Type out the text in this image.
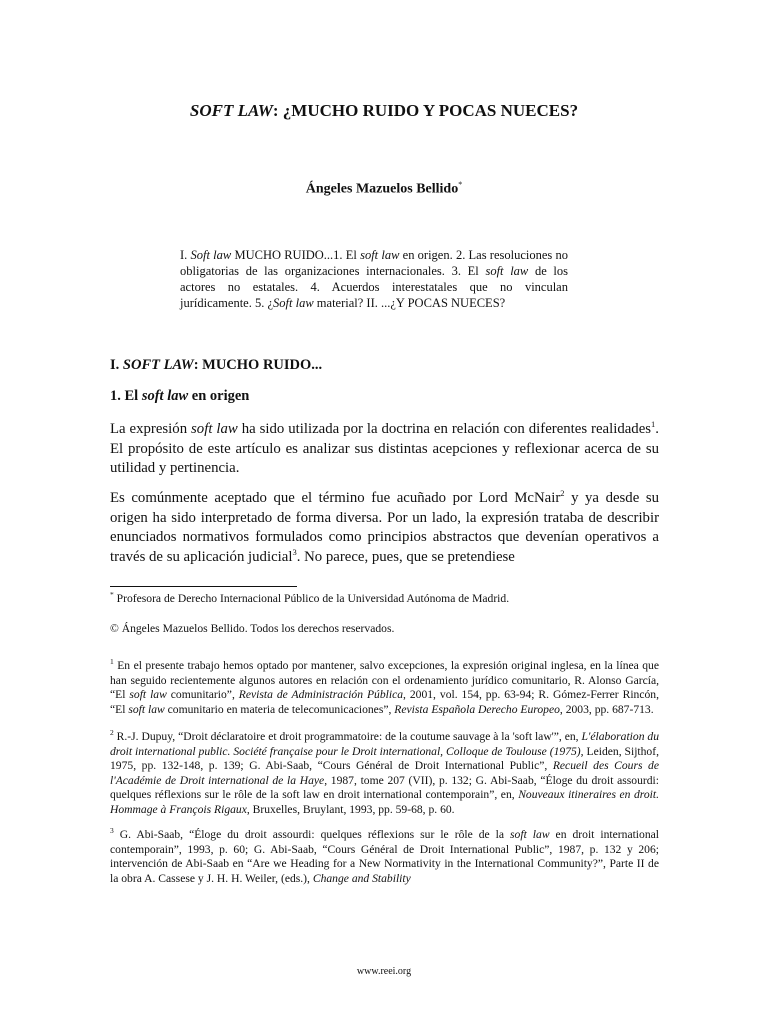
SOFT LAW: ¿MUCHO RUIDO Y POCAS NUECES?
Ángeles Mazuelos Bellido*
I. Soft law MUCHO RUIDO...1. El soft law en origen. 2. Las resoluciones no obligatorias de las organizaciones internacionales. 3. El soft law de los actores no estatales. 4. Acuerdos interestatales que no vinculan jurídicamente. 5. ¿Soft law material? II. ...¿Y POCAS NUECES?
I. SOFT LAW: MUCHO RUIDO...
1. El soft law en origen

La expresión soft law ha sido utilizada por la doctrina en relación con diferentes realidades$^1$. El propósito de este artículo es analizar sus distintas acepciones y reflexionar acerca de su utilidad y pertinencia.

Es comúnmente aceptado que el término fue acuñado por Lord McNair$^2$ y ya desde su origen ha sido interpretado de forma diversa. Por un lado, la expresión trataba de describir enunciados normativos formulados como principios abstractos que devenían operativos a través de su aplicación judicial$^3$. No parece, pues, que se pretendiese

* Profesora de Derecho Internacional Público de la Universidad Autónoma de Madrid.

© Ángeles Mazuelos Bellido. Todos los derechos reservados.

$^1$ En el presente trabajo hemos optado por mantener, salvo excepciones, la expresión original inglesa, en la línea que han seguido recientemente algunos autores en relación con el ordenamiento jurídico comunitario, R. Alonso García, “El soft law comunitario”, Revista de Administración Pública, 2001, vol. 154, pp. 63-94; R. Gómez-Ferrer Rincón, “El soft law comunitario en materia de telecomunicaciones”, Revista Española Derecho Europeo, 2003, pp. 687-713.

$^2$ R.-J. Dupuy, “Droit déclaratoire et droit programmatoire: de la coutume sauvage à la 'soft law'”, en, L'élaboration du droit international public. Société française pour le Droit international, Colloque de Toulouse (1975), Leiden, Sijthof, 1975, pp. 132-148, p. 139; G. Abi-Saab, “Cours Général de Droit International Public”, Recueil des Cours de l'Académie de Droit international de la Haye, 1987, tome 207 (VII), p. 132; G. Abi-Saab, “Éloge du droit assourdi: quelques réflexions sur le rôle de la soft law en droit international contemporain”, en, Nouveaux itineraires en droit. Hommage à François Rigaux, Bruxelles, Bruylant, 1993, pp. 59-68, p. 60.

$^3$ G. Abi-Saab, “Éloge du droit assourdi: quelques réflexions sur le rôle de la soft law en droit international contemporain”, 1993, p. 60; G. Abi-Saab, “Cours Général de Droit International Public”, 1987, p. 132 y 206; intervención de Abi-Saab en “Are we Heading for a New Normativity in the International Community?”, Parte II de la obra A. Cassese y J. H. H. Weiler, (eds.), Change and Stability

www.reei.org
